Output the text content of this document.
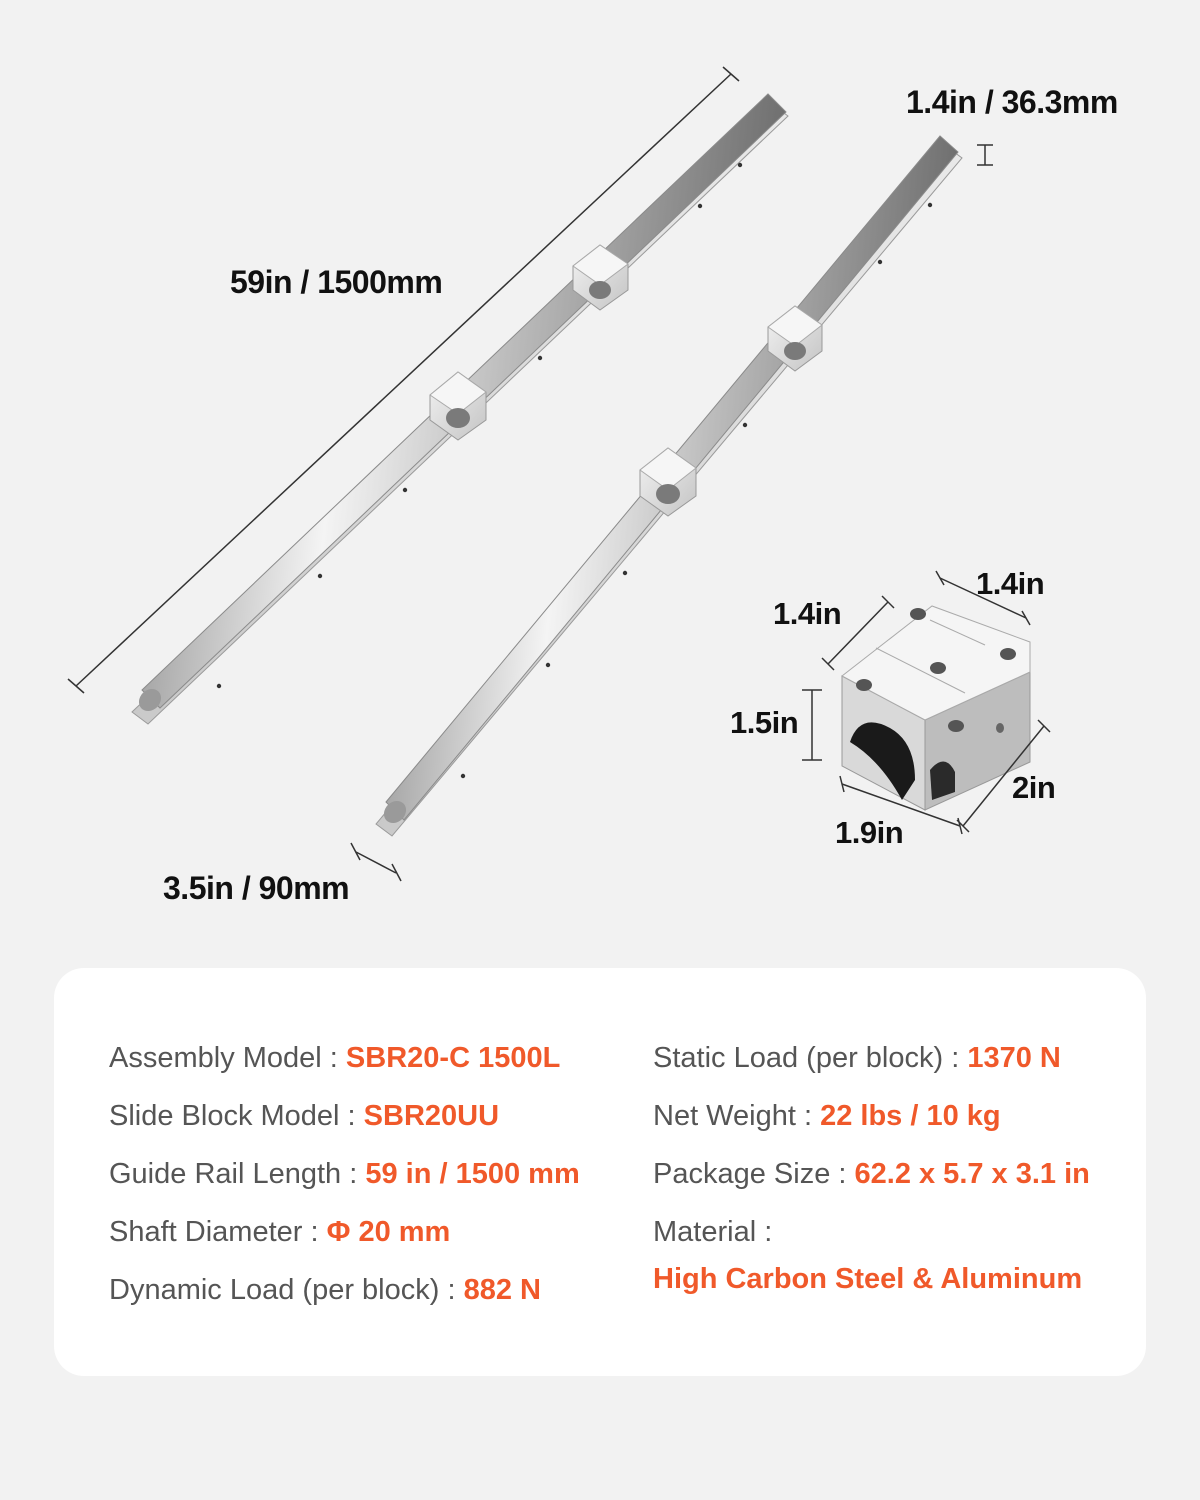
59in / 1500mm
1.4in / 36.3mm
3.5in / 90mm
1.4in
1.4in
1.5in
2in
1.9in
Assembly Model : SBR20-C 1500L
Slide Block Model : SBR20UU
Guide Rail Length : 59 in / 1500 mm
Shaft Diameter : Φ 20 mm
Dynamic Load (per block) : 882 N
Static Load (per block) : 1370 N
Net Weight : 22 lbs / 10 kg
Package Size : 62.2 x 5.7 x 3.1 in
Material :
High Carbon Steel & Aluminum
